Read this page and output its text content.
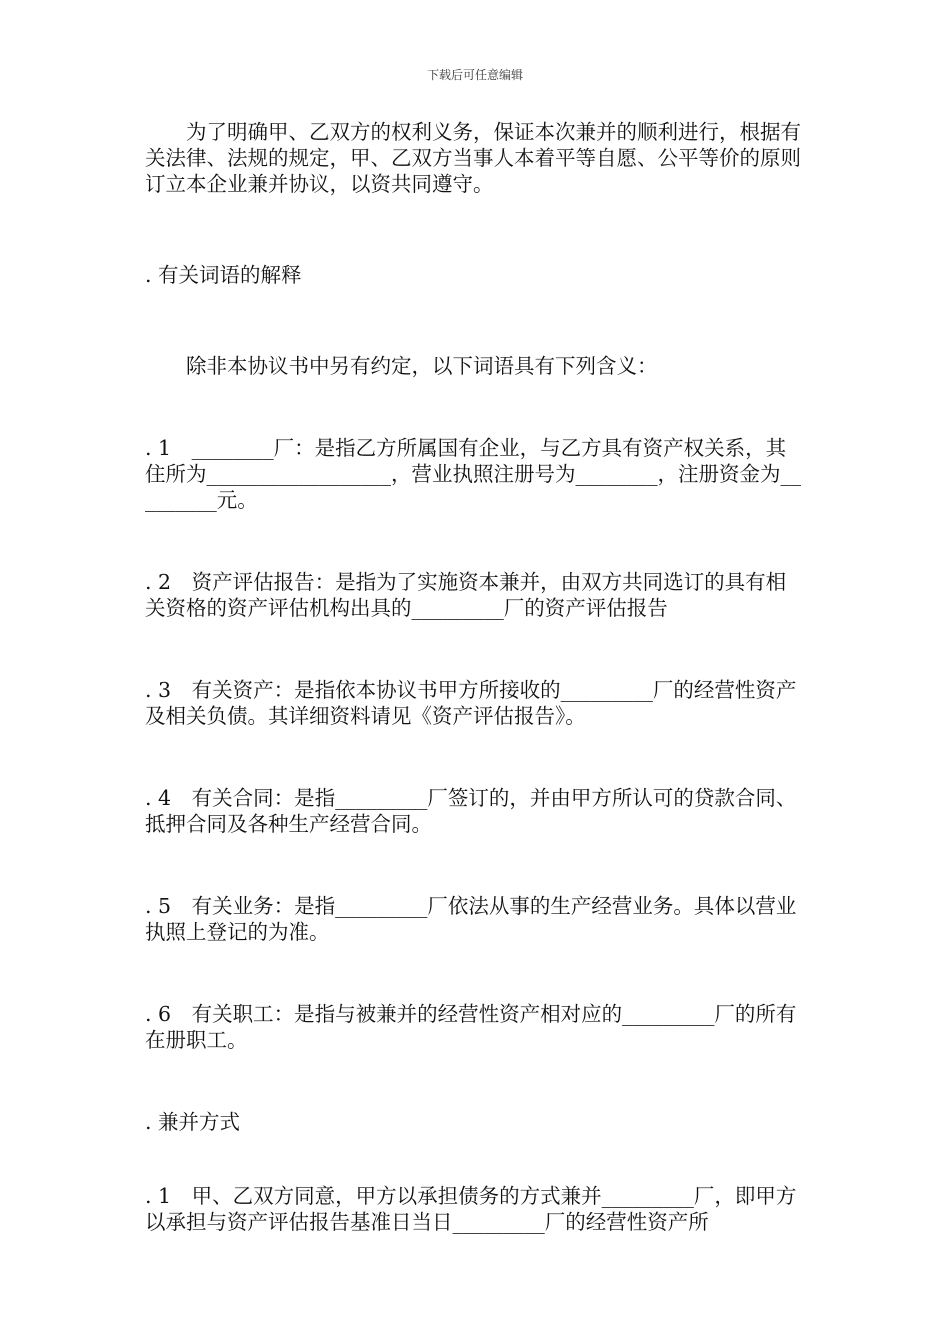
下载后可任意编辑

为了明确甲、乙双方的权利义务，保证本次兼并的顺利进行，根据有关法律、法规的规定，甲、乙双方当事人本着平等自愿、公平等价的原则订立本企业兼并协议，以资共同遵守。

. 有关词语的解释

除非本协议书中另有约定，以下词语具有下列含义：

. 1　________厂：是指乙方所属国有企业，与乙方具有资产权关系，其住所为__________________，营业执照注册号为________，注册资金为_________元。

. 2　资产评估报告：是指为了实施资本兼并，由双方共同选订的具有相关资格的资产评估机构出具的_________厂的资产评估报告

. 3　有关资产：是指依本协议书甲方所接收的_________厂的经营性资产及相关负债。其详细资料请见《资产评估报告》。

. 4　有关合同：是指_________厂签订的，并由甲方所认可的贷款合同、抵押合同及各种生产经营合同。

. 5　有关业务：是指_________厂依法从事的生产经营业务。具体以营业执照上登记的为准。

. 6　有关职工：是指与被兼并的经营性资产相对应的_________厂的所有在册职工。

. 兼并方式

. 1　甲、乙双方同意，甲方以承担债务的方式兼并_________厂，即甲方以承担与资产评估报告基准日当日_________厂的经营性资产所
